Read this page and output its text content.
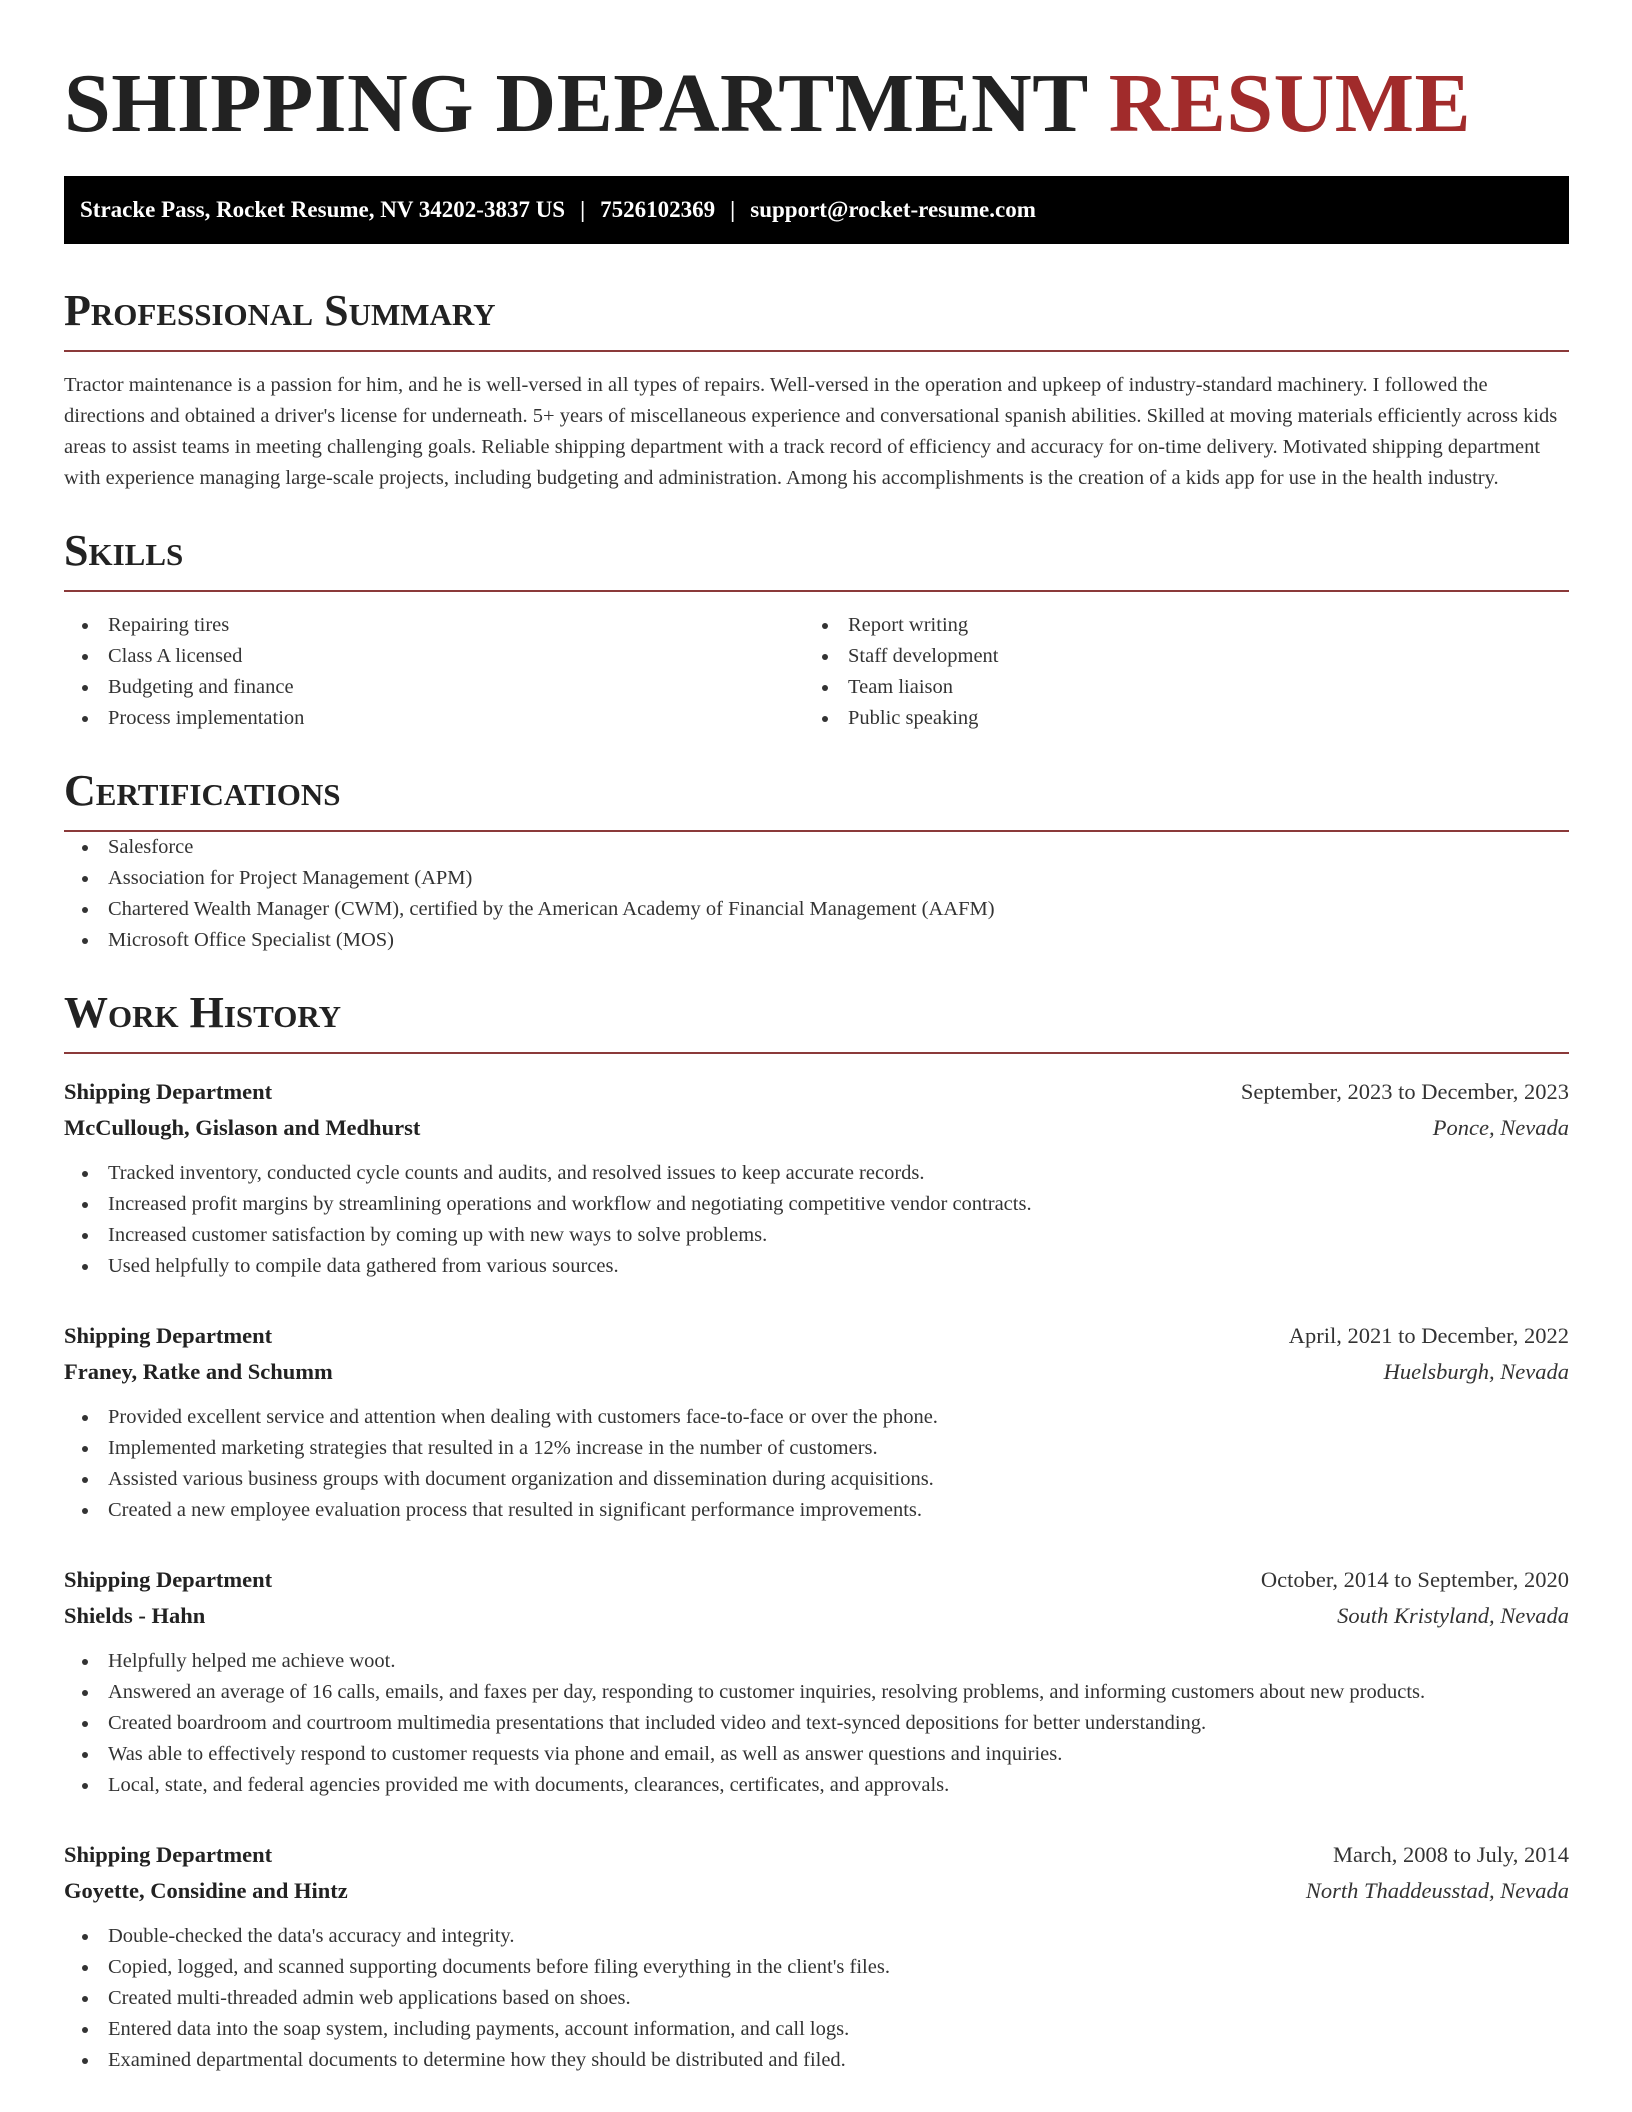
SHIPPING DEPARTMENT RESUME
Stracke Pass, Rocket Resume, NV 34202-3837 US | 7526102369 | support@rocket-resume.com
Professional Summary

Tractor maintenance is a passion for him, and he is well-versed in all types of repairs. Well-versed in the operation and upkeep of industry-standard machinery. I followed the directions and obtained a driver's license for underneath. 5+ years of miscellaneous experience and conversational spanish abilities. Skilled at moving materials efficiently across kids areas to assist teams in meeting challenging goals. Reliable shipping department with a track record of efficiency and accuracy for on-time delivery. Motivated shipping department with experience managing large-scale projects, including budgeting and administration. Among his accomplishments is the creation of a kids app for use in the health industry.

Skills
Repairing tires
Class A licensed
Budgeting and finance
Process implementation
Report writing
Staff development
Team liaison
Public speaking
Certifications
Salesforce
Association for Project Management (APM)
Chartered Wealth Manager (CWM), certified by the American Academy of Financial Management (AAFM)
Microsoft Office Specialist (MOS)
Work History
Shipping Department	September, 2023 to December, 2023
McCullough, Gislason and Medhurst	Ponce, Nevada
Tracked inventory, conducted cycle counts and audits, and resolved issues to keep accurate records.
Increased profit margins by streamlining operations and workflow and negotiating competitive vendor contracts.
Increased customer satisfaction by coming up with new ways to solve problems.
Used helpfully to compile data gathered from various sources.
Shipping Department	April, 2021 to December, 2022
Franey, Ratke and Schumm	Huelsburgh, Nevada
Provided excellent service and attention when dealing with customers face-to-face or over the phone.
Implemented marketing strategies that resulted in a 12% increase in the number of customers.
Assisted various business groups with document organization and dissemination during acquisitions.
Created a new employee evaluation process that resulted in significant performance improvements.
Shipping Department	October, 2014 to September, 2020
Shields - Hahn	South Kristyland, Nevada
Helpfully helped me achieve woot.
Answered an average of 16 calls, emails, and faxes per day, responding to customer inquiries, resolving problems, and informing customers about new products.
Created boardroom and courtroom multimedia presentations that included video and text-synced depositions for better understanding.
Was able to effectively respond to customer requests via phone and email, as well as answer questions and inquiries.
Local, state, and federal agencies provided me with documents, clearances, certificates, and approvals.
Shipping Department	March, 2008 to July, 2014
Goyette, Considine and Hintz	North Thaddeusstad, Nevada
Double-checked the data's accuracy and integrity.
Copied, logged, and scanned supporting documents before filing everything in the client's files.
Created multi-threaded admin web applications based on shoes.
Entered data into the soap system, including payments, account information, and call logs.
Examined departmental documents to determine how they should be distributed and filed.
